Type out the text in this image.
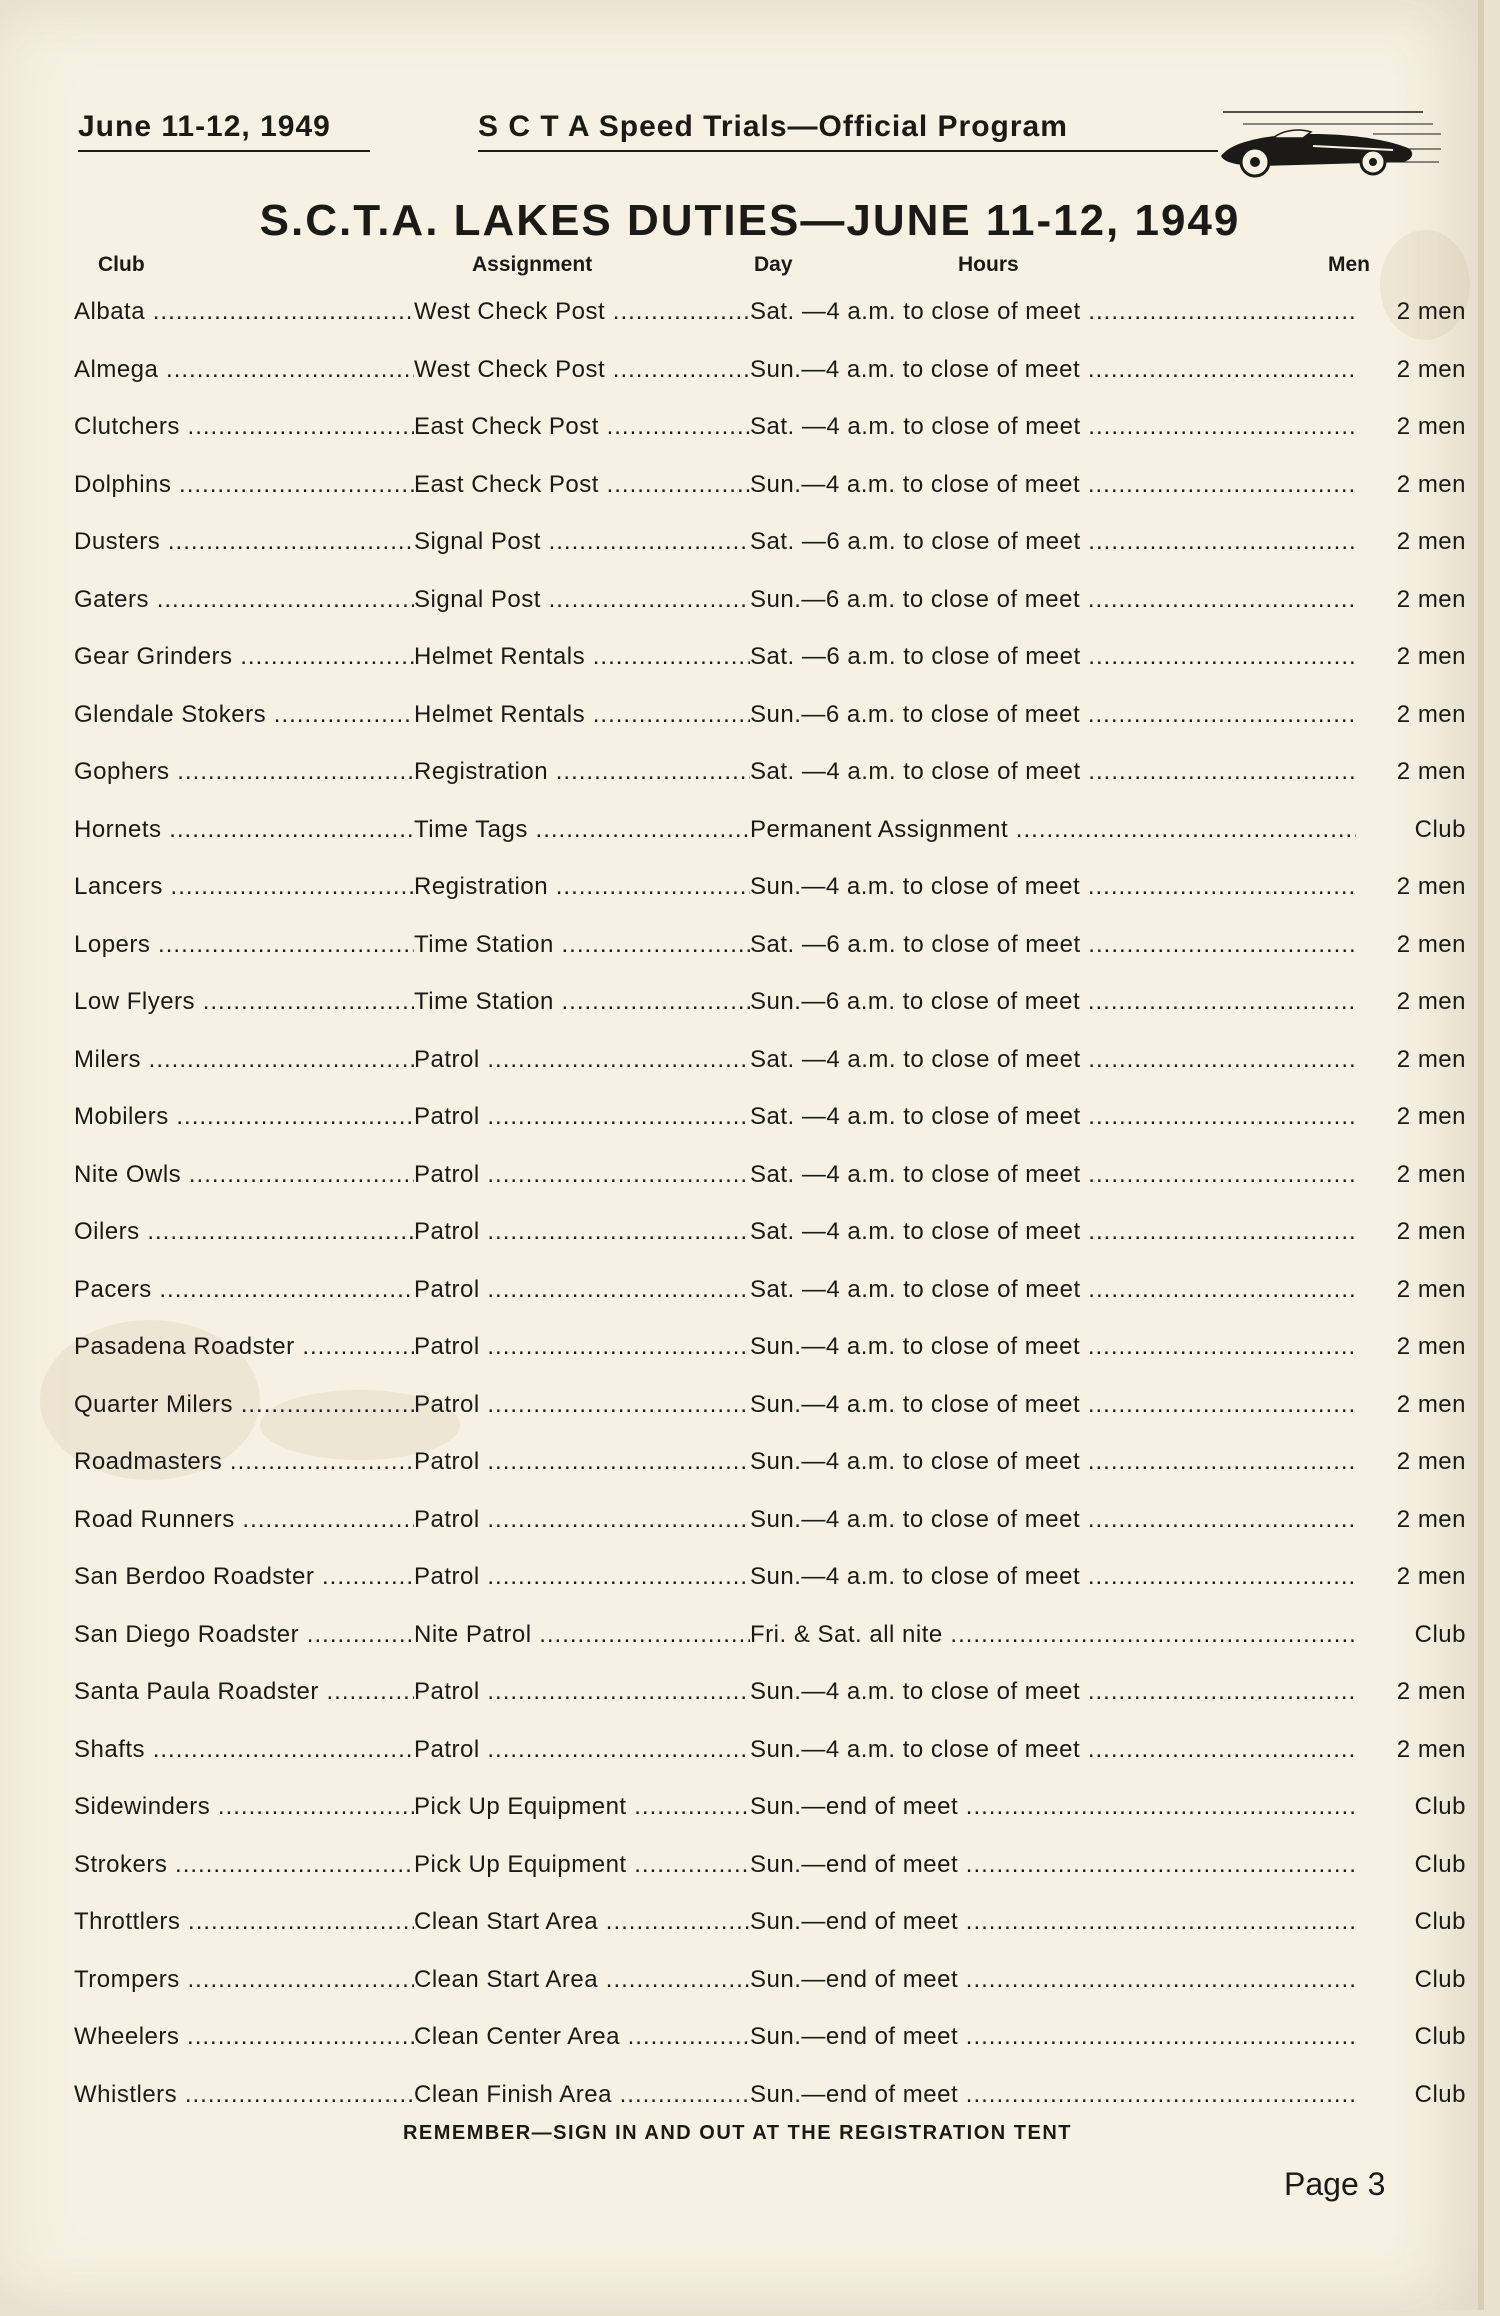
June 11-12, 1949	S C T A Speed Trials—Official Program
S.C.T.A. LAKES DUTIES—JUNE 11-12, 1949
Club	Assignment	Day	Hours	Men
Albata .....	West Check Post .....	Sat. —4 a.m. to close of meet .....	2 men
Almega .....	West Check Post .....	Sun.—4 a.m. to close of meet .....	2 men
Clutchers .....	East Check Post .....	Sat. —4 a.m. to close of meet .....	2 men
Dolphins .....	East Check Post .....	Sun.—4 a.m. to close of meet .....	2 men
Dusters .....	Signal Post .....	Sat. —6 a.m. to close of meet .....	2 men
Gaters .....	Signal Post .....	Sun.—6 a.m. to close of meet .....	2 men
Gear Grinders .....	Helmet Rentals .....	Sat. —6 a.m. to close of meet .....	2 men
Glendale Stokers .....	Helmet Rentals .....	Sun.—6 a.m. to close of meet .....	2 men
Gophers .....	Registration .....	Sat. —4 a.m. to close of meet .....	2 men
Hornets .....	Time Tags .....	Permanent Assignment .....	Club
Lancers .....	Registration .....	Sun.—4 a.m. to close of meet .....	2 men
Lopers .....	Time Station .....	Sat. —6 a.m. to close of meet .....	2 men
Low Flyers .....	Time Station .....	Sun.—6 a.m. to close of meet .....	2 men
Milers .....	Patrol .....	Sat. —4 a.m. to close of meet .....	2 men
Mobilers .....	Patrol .....	Sat. —4 a.m. to close of meet .....	2 men
Nite Owls .....	Patrol .....	Sat. —4 a.m. to close of meet .....	2 men
Oilers .....	Patrol .....	Sat. —4 a.m. to close of meet .....	2 men
Pacers .....	Patrol .....	Sat. —4 a.m. to close of meet .....	2 men
Pasadena Roadster .....	Patrol .....	Sun.—4 a.m. to close of meet .....	2 men
Quarter Milers .....	Patrol .....	Sun.—4 a.m. to close of meet .....	2 men
Roadmasters .....	Patrol .....	Sun.—4 a.m. to close of meet .....	2 men
Road Runners .....	Patrol .....	Sun.—4 a.m. to close of meet .....	2 men
San Berdoo Roadster .....	Patrol .....	Sun.—4 a.m. to close of meet .....	2 men
San Diego Roadster .....	Nite Patrol .....	Fri. & Sat. all nite .....	Club
Santa Paula Roadster .....	Patrol .....	Sun.—4 a.m. to close of meet .....	2 men
Shafts .....	Patrol .....	Sun.—4 a.m. to close of meet .....	2 men
Sidewinders .....	Pick Up Equipment .....	Sun.—end of meet .....	Club
Strokers .....	Pick Up Equipment .....	Sun.—end of meet .....	Club
Throttlers .....	Clean Start Area .....	Sun.—end of meet .....	Club
Trompers .....	Clean Start Area .....	Sun.—end of meet .....	Club
Wheelers .....	Clean Center Area .....	Sun.—end of meet .....	Club
Whistlers .....	Clean Finish Area .....	Sun.—end of meet .....	Club
REMEMBER—SIGN IN AND OUT AT THE REGISTRATION TENT
Page 3
